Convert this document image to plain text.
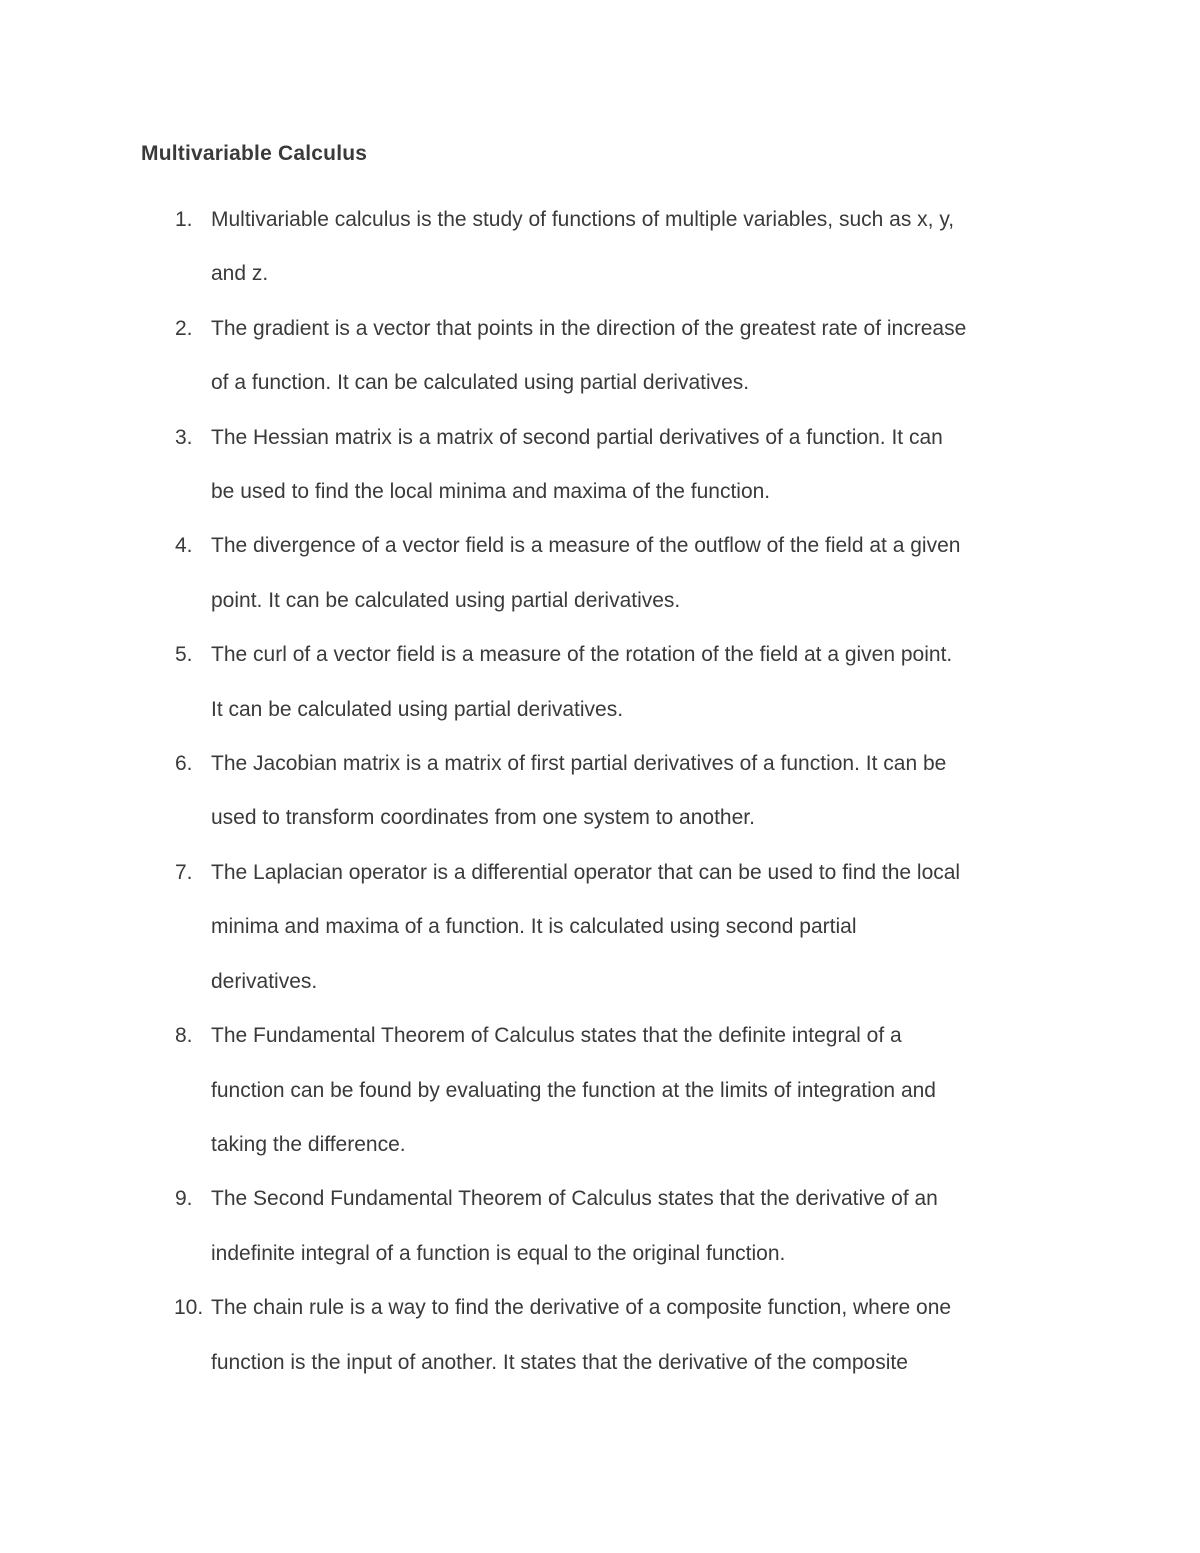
Multivariable Calculus
1. Multivariable calculus is the study of functions of multiple variables, such as x, y,
and z.
2. The gradient is a vector that points in the direction of the greatest rate of increase
of a function. It can be calculated using partial derivatives.
3. The Hessian matrix is a matrix of second partial derivatives of a function. It can
be used to find the local minima and maxima of the function.
4. The divergence of a vector field is a measure of the outflow of the field at a given
point. It can be calculated using partial derivatives.
5. The curl of a vector field is a measure of the rotation of the field at a given point.
It can be calculated using partial derivatives.
6. The Jacobian matrix is a matrix of first partial derivatives of a function. It can be
used to transform coordinates from one system to another.
7. The Laplacian operator is a differential operator that can be used to find the local
minima and maxima of a function. It is calculated using second partial
derivatives.
8. The Fundamental Theorem of Calculus states that the definite integral of a
function can be found by evaluating the function at the limits of integration and
taking the difference.
9. The Second Fundamental Theorem of Calculus states that the derivative of an
indefinite integral of a function is equal to the original function.
10. The chain rule is a way to find the derivative of a composite function, where one
function is the input of another. It states that the derivative of the composite
